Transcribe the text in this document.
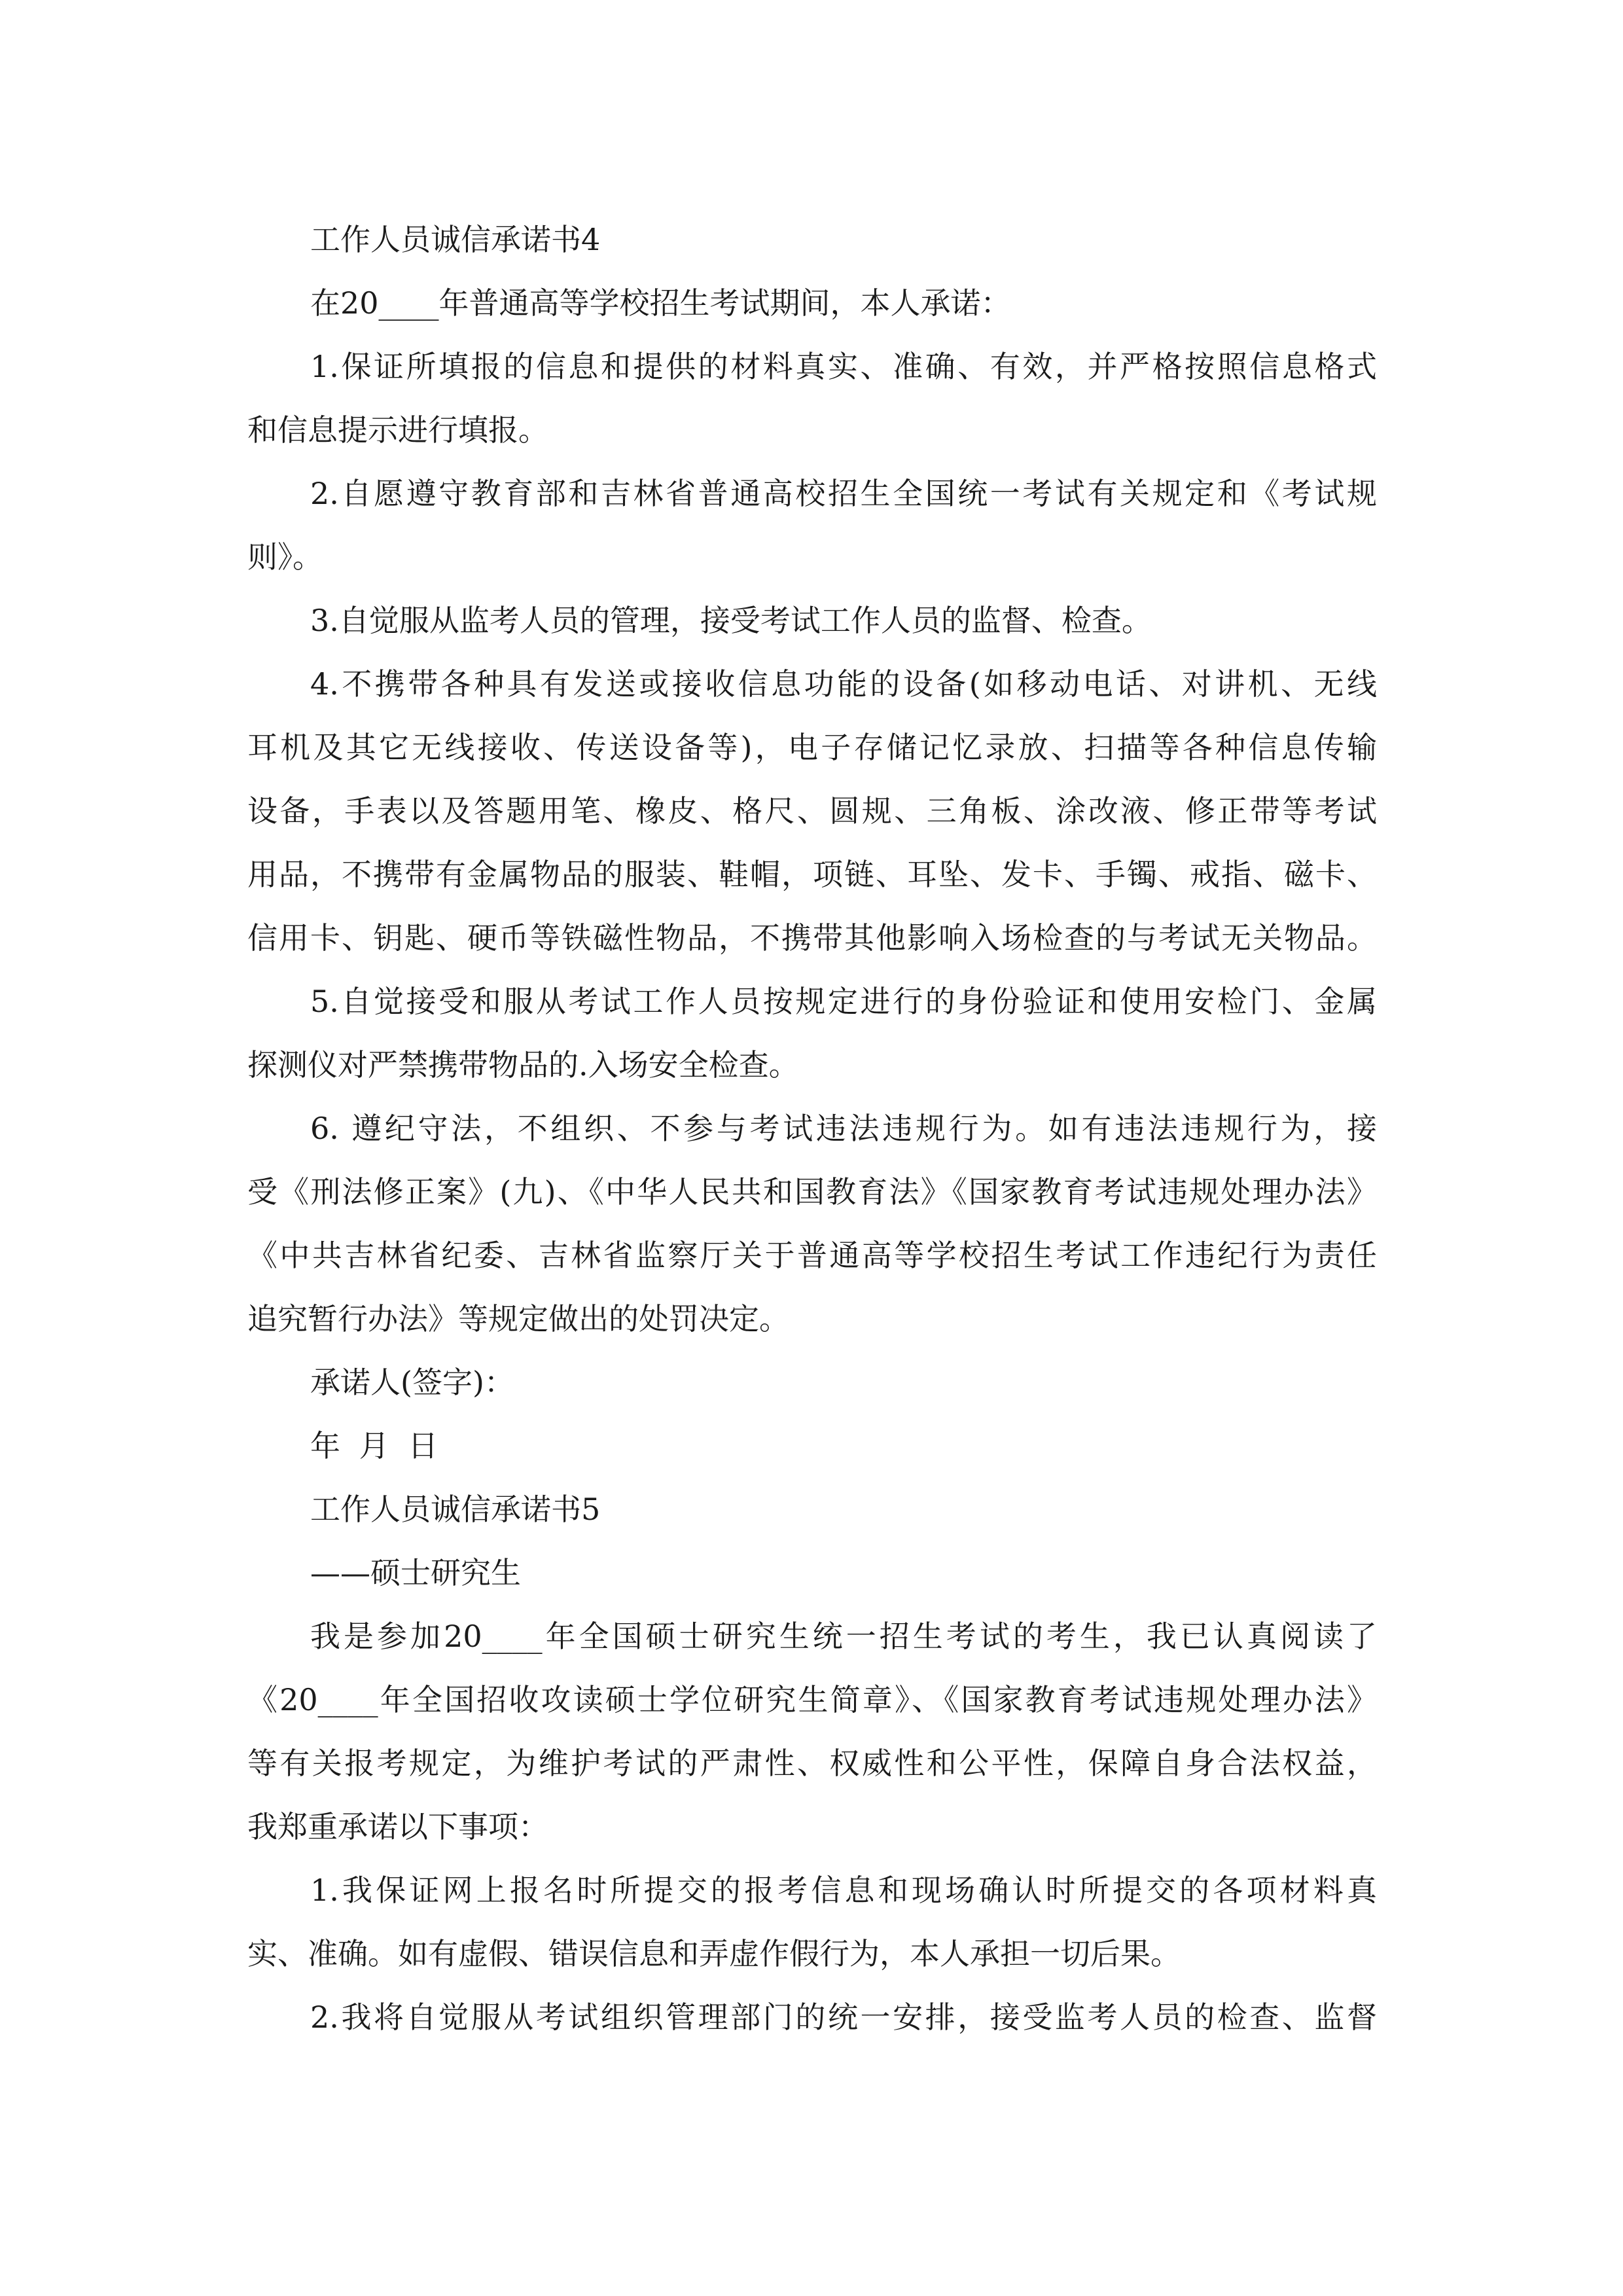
工作人员诚信承诺书4
在20____年普通高等学校招生考试期间，本人承诺：
1.保证所填报的信息和提供的材料真实、准确、有效，并严格按照信息格式
和信息提示进行填报。
2.自愿遵守教育部和吉林省普通高校招生全国统一考试有关规定和《考试规
则》。
3.自觉服从监考人员的管理，接受考试工作人员的监督、检查。
4.不携带各种具有发送或接收信息功能的设备(如移动电话、对讲机、无线
耳机及其它无线接收、传送设备等)，电子存储记忆录放、扫描等各种信息传输
设备，手表以及答题用笔、橡皮、格尺、圆规、三角板、涂改液、修正带等考试
用品，不携带有金属物品的服装、鞋帽，项链、耳坠、发卡、手镯、戒指、磁卡、
信用卡、钥匙、硬币等铁磁性物品，不携带其他影响入场检查的与考试无关物品。
5.自觉接受和服从考试工作人员按规定进行的身份验证和使用安检门、金属
探测仪对严禁携带物品的.入场安全检查。
6. 遵纪守法，不组织、不参与考试违法违规行为。如有违法违规行为，接
受《刑法修正案》(九)、《中华人民共和国教育法》《国家教育考试违规处理办法》
《中共吉林省纪委、吉林省监察厅关于普通高等学校招生考试工作违纪行为责任
追究暂行办法》等规定做出的处罚决定。
承诺人(签字)：
年 月 日
工作人员诚信承诺书5
——硕士研究生
我是参加20____年全国硕士研究生统一招生考试的考生，我已认真阅读了
《20____年全国招收攻读硕士学位研究生简章》、《国家教育考试违规处理办法》
等有关报考规定，为维护考试的严肃性、权威性和公平性，保障自身合法权益，
我郑重承诺以下事项：
1.我保证网上报名时所提交的报考信息和现场确认时所提交的各项材料真
实、准确。如有虚假、错误信息和弄虚作假行为，本人承担一切后果。
2.我将自觉服从考试组织管理部门的统一安排，接受监考人员的检查、监督
